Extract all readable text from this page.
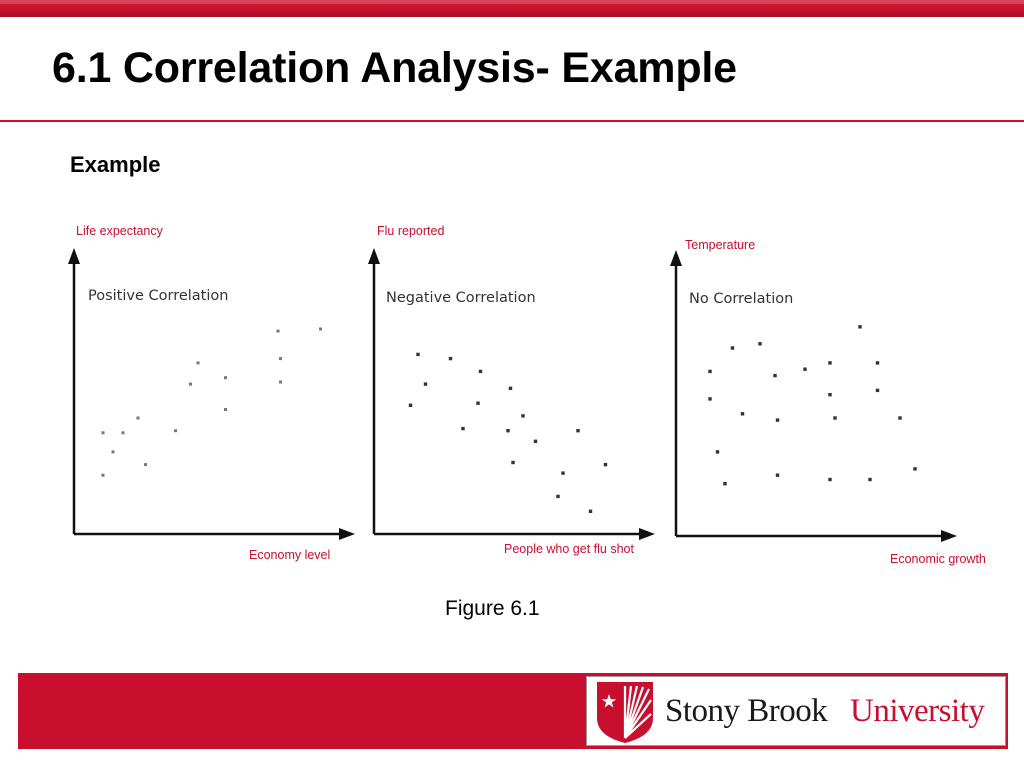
6.1 Correlation Analysis- Example
Example
Life expectancy
Positive Correlation
Economy level
Flu reported
Negative Correlation
People who get flu shot
Temperature
No Correlation
Economic growth
Figure 6.1
Stony Brook University
